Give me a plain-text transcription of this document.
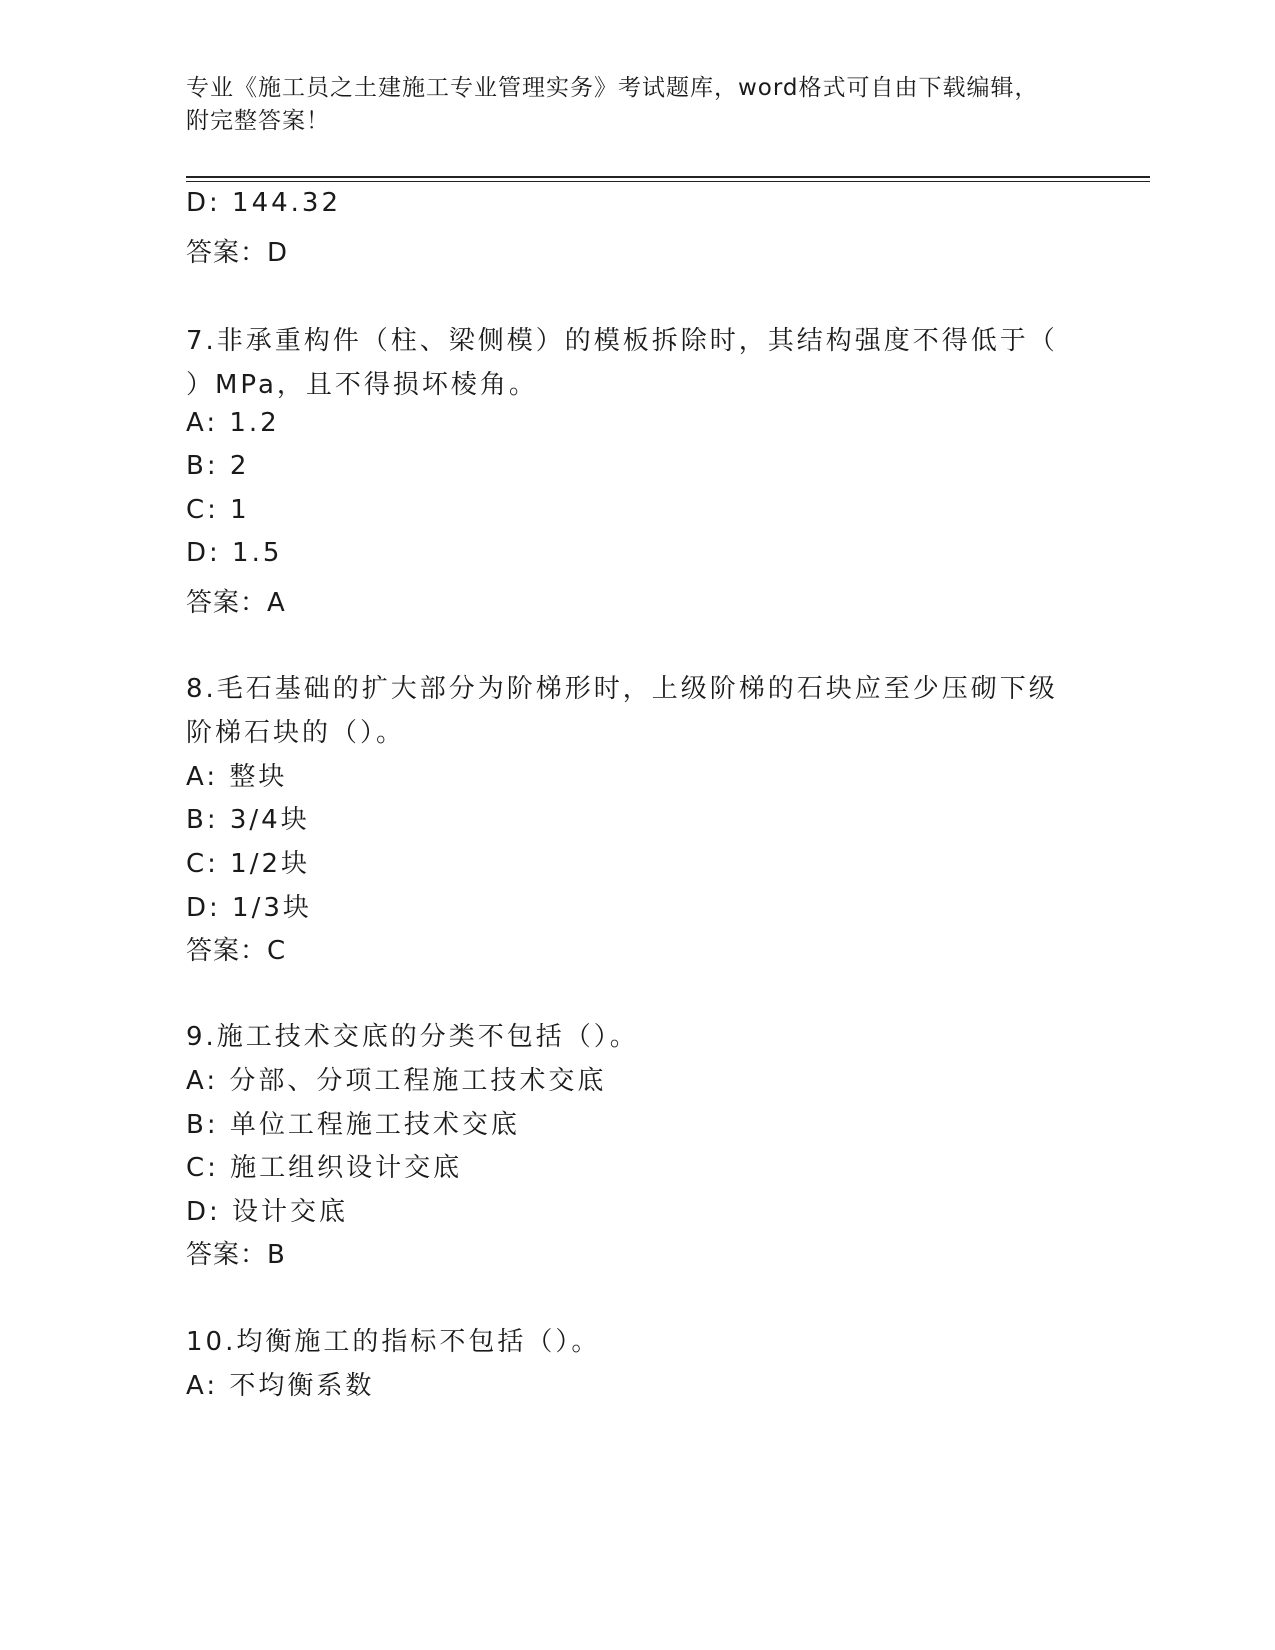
专业《施工员之土建施工专业管理实务》考试题库，word格式可自由下载编辑，
附完整答案！
D: 144.32
答案：D
7.非承重构件（柱、梁侧模）的模板拆除时，其结构强度不得低于（
）MPa，且不得损坏棱角。
A: 1.2
B: 2
C: 1
D: 1.5
答案：A
8.毛石基础的扩大部分为阶梯形时，上级阶梯的石块应至少压砌下级
阶梯石块的（）。
A: 整块
B: 3/4块
C: 1/2块
D: 1/3块
答案：C
9.施工技术交底的分类不包括（）。
A: 分部、分项工程施工技术交底
B: 单位工程施工技术交底
C: 施工组织设计交底
D: 设计交底
答案：B
10.均衡施工的指标不包括（）。
A: 不均衡系数
